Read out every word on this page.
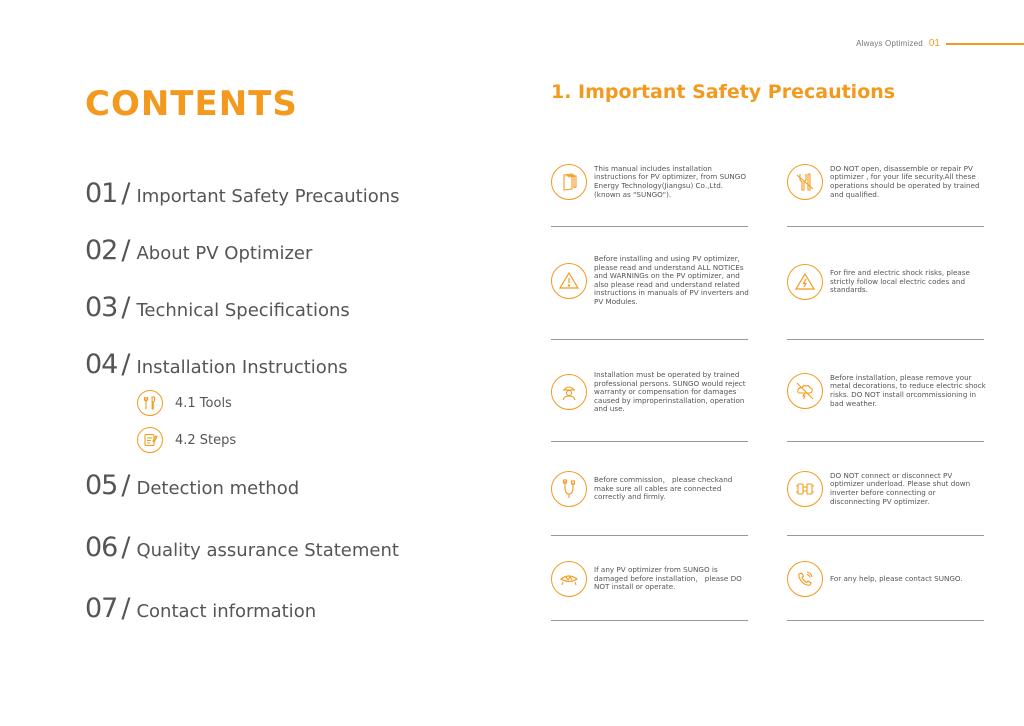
Always Optimized 01
CONTENTS
01 / Important Safety Precautions
02 / About PV Optimizer
03 / Technical Specifications
04 / Installation Instructions
4.1 Tools
4.2 Steps
05 / Detection method
06 / Quality assurance Statement
07 / Contact information
1. Important Safety Precautions
This manual includes installation instructions for PV optimizer, from SUNGO Energy Technology(Jiangsu) Co.,Ltd. (known as "SUNGO").
DO NOT open, disassemble or repair PV optimizer , for your life security.All these operations should be operated by trained and qualified.
Before installing and using PV optimizer, please read and understand ALL NOTICEs and WARNINGs on the PV optimizer, and also please read and understand related instructions in manuals of PV inverters and PV Modules.
For fire and electric shock risks, please strictly follow local electric codes and standards.
Installation must be operated by trained professional persons. SUNGO would reject warranty or compensation for damages caused by improperinstallation, operation and use.
Before installation, please remove your metal decorations, to reduce electric shock risks. DO NOT install orcommissioning in bad weather.
Before commission， please checkand make sure all cables are connected correctly and firmly.
DO NOT connect or disconnect PV optimizer underload. Please shut down inverter before connecting or disconnecting PV optimizer.
If any PV optimizer from SUNGO is damaged before installation， please DO NOT install or operate.
For any help, please contact SUNGO.
